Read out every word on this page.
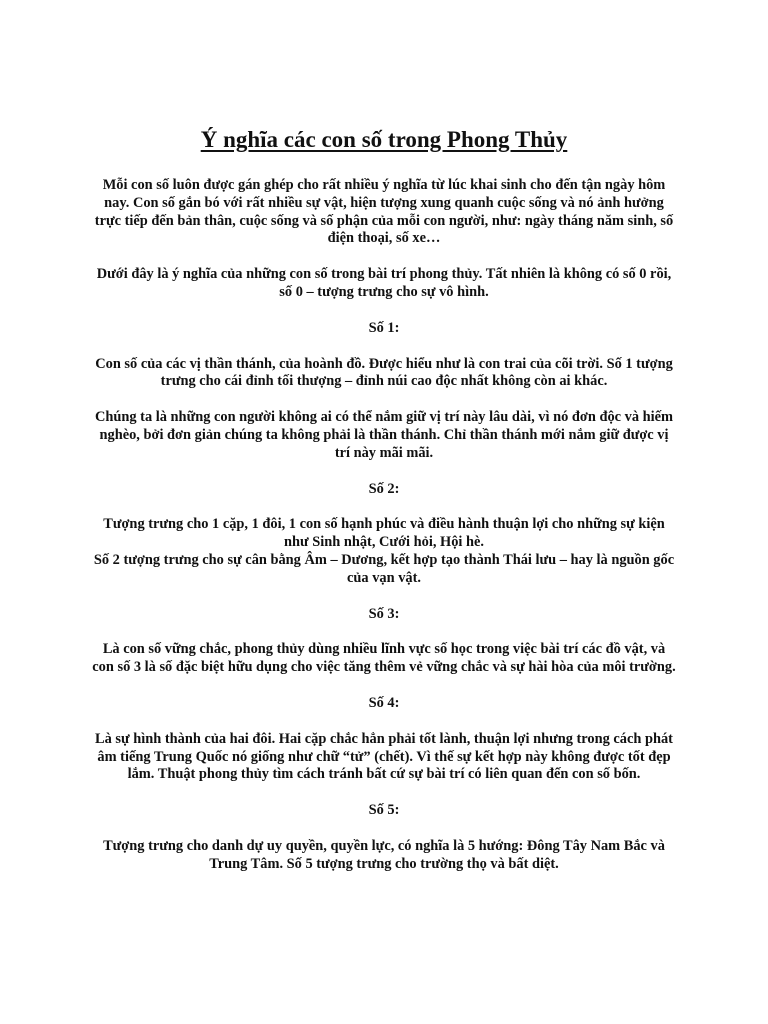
Ý nghĩa các con số trong Phong Thủy
Mỗi con số luôn được gán ghép cho rất nhiều ý nghĩa từ lúc khai sinh cho đến tận ngày hôm nay. Con số gắn bó với rất nhiều sự vật, hiện tượng xung quanh cuộc sống và nó ảnh hưởng trực tiếp đến bản thân, cuộc sống và số phận của mỗi con người, như: ngày tháng năm sinh, số điện thoại, số xe…
Dưới đây là ý nghĩa của những con số trong bài trí phong thủy. Tất nhiên là không có số 0 rồi, số 0 – tượng trưng cho sự vô hình.
Số 1:
Con số của các vị thần thánh, của hoành đồ. Được hiểu như là con trai của cõi trời. Số 1 tượng trưng cho cái đỉnh tối thượng – đỉnh núi cao độc nhất không còn ai khác.
Chúng ta là những con người không ai có thể nắm giữ vị trí này lâu dài, vì nó đơn độc và hiếm nghèo, bởi đơn giản chúng ta không phải là thần thánh. Chỉ thần thánh mới nắm giữ được vị trí này mãi mãi.
Số 2:
Tượng trưng cho 1 cặp, 1 đôi, 1 con số hạnh phúc và điều hành thuận lợi cho những sự kiện như Sinh nhật, Cưới hỏi, Hội hè.
Số 2 tượng trưng cho sự cân bằng Âm – Dương, kết hợp tạo thành Thái lưu – hay là nguồn gốc của vạn vật.
Số 3:
Là con số vững chắc, phong thủy dùng nhiều lĩnh vực số học trong việc bài trí các đồ vật, và con số 3 là số đặc biệt hữu dụng cho việc tăng thêm vẻ vững chắc và sự hài hòa của môi trường.
Số 4:
Là sự hình thành của hai đôi. Hai cặp chắc hẳn phải tốt lành, thuận lợi nhưng trong cách phát âm tiếng Trung Quốc nó giống như chữ “tử” (chết). Vì thế sự kết hợp này không được tốt đẹp lắm. Thuật phong thủy tìm cách tránh bất cứ sự bài trí có liên quan đến con số bốn.
Số 5:
Tượng trưng cho danh dự uy quyền, quyền lực, có nghĩa là 5 hướng: Đông Tây Nam Bắc và Trung Tâm. Số 5 tượng trưng cho trường thọ và bất diệt.
